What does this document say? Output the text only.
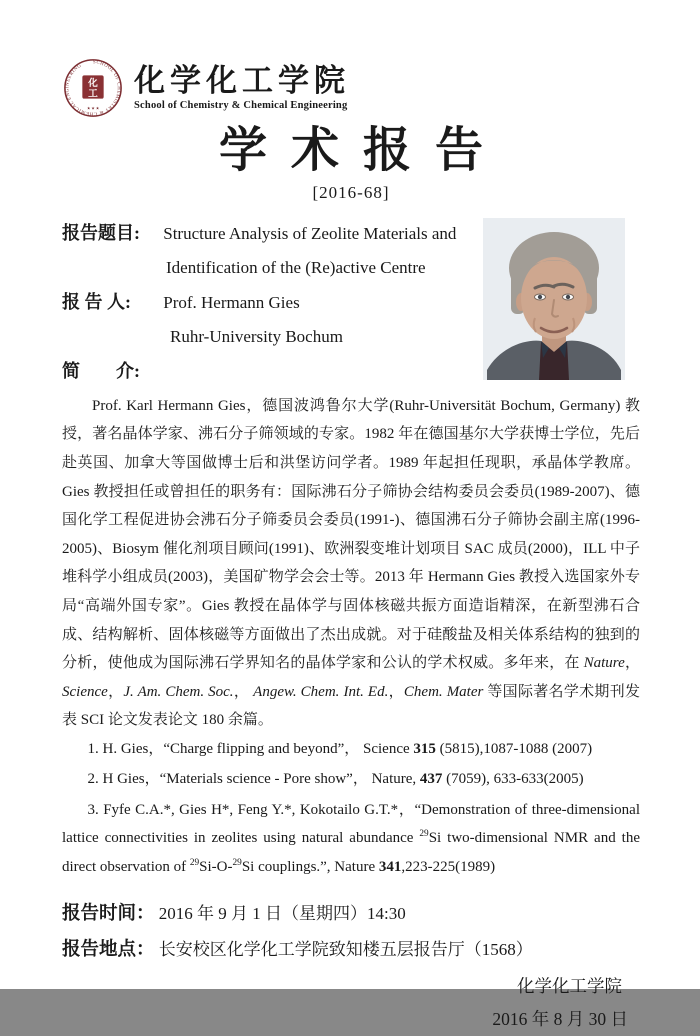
SCHOOL OF CHEMISTRY & CHEMICAL ENGINEERING
化
工
★ ★ ★
化学化工学院
School of Chemistry & Chemical Engineering
学术报告
[2016-68]
报告题目: Structure Analysis of Zeolite Materials and
Identification of the (Re)active Centre
报 告 人: Prof. Hermann Gies
Ruhr-University Bochum
简　　介:

Prof. Karl Hermann Gies，德国波鸿鲁尔大学(Ruhr-Universität Bochum, Germany) 教授，著名晶体学家、沸石分子筛领域的专家。1982 年在德国基尔大学获博士学位，先后赴英国、加拿大等国做博士后和洪堡访问学者。1989 年起担任现职，承晶体学教席。Gies 教授担任或曾担任的职务有：国际沸石分子筛协会结构委员会委员(1989-2007)、德国化学工程促进协会沸石分子筛委员会委员(1991-)、德国沸石分子筛协会副主席(1996-2005)、Biosym 催化剂项目顾问(1991)、欧洲裂变堆计划项目 SAC 成员(2000)，ILL 中子堆科学小组成员(2003)，美国矿物学会会士等。2013 年 Hermann Gies 教授入选国家外专局“高端外国专家”。Gies 教授在晶体学与固体核磁共振方面造诣精深，在新型沸石合成、结构解析、固体核磁等方面做出了杰出成就。对于硅酸盐及相关体系结构的独到的分析，使他成为国际沸石学界知名的晶体学家和公认的学术权威。多年来，在 Nature，Science，J. Am. Chem. Soc.， Angew. Chem. Int. Ed.，Chem. Mater 等国际著名学术期刊发表 SCI 论文发表论文 180 余篇。

1. H. Gies，“Charge flipping and beyond”， Science 315 (5815),1087-1088 (2007)

2. H Gies，“Materials science - Pore show”， Nature, 437 (7059), 633-633(2005)

3. Fyfe C.A.*, Gies H*, Feng Y.*, Kokotailo G.T.*，“Demonstration of three-dimensional lattice connectivities in zeolites using natural abundance $^{29}$Si two-dimensional NMR and the direct observation of $^{29}$Si-O-$^{29}$Si couplings.”, Nature 341,223-225(1989)

报告时间： 2016 年 9 月 1 日（星期四）14:30
报告地点： 长安校区化学化工学院致知楼五层报告厅（1568）
化学化工学院
2016 年 8 月 30 日
